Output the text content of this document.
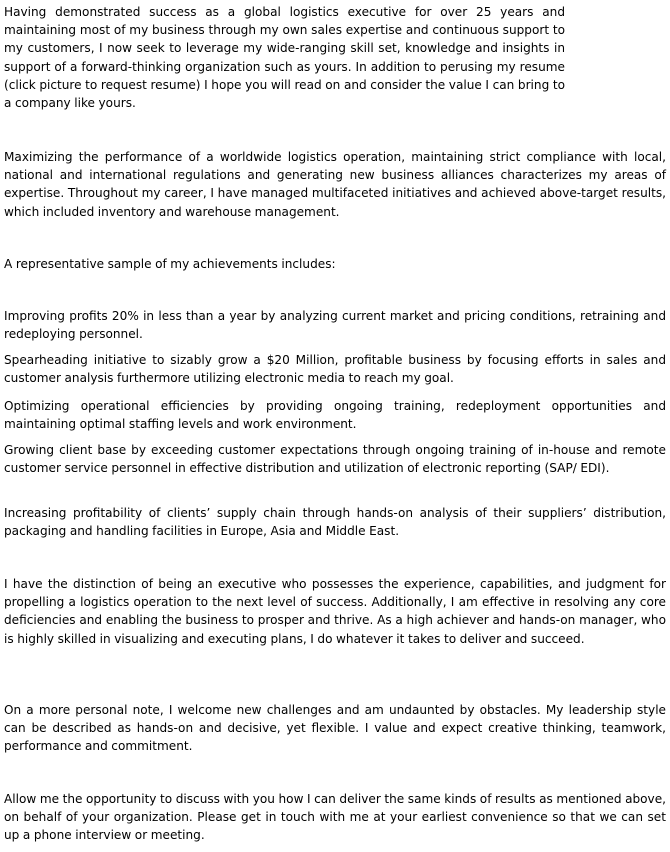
Having demonstrated success as a global logistics executive for over 25 years and maintaining most of my business through my own sales expertise and continuous support to my customers, I now seek to leverage my wide-ranging skill set, knowledge and insights in support of a forward-thinking organization such as yours. In addition to perusing my resume (click picture to request resume) I hope you will read on and consider the value I can bring to a company like yours.

Maximizing the performance of a worldwide logistics operation, maintaining strict compliance with local, national and international regulations and generating new business alliances characterizes my areas of expertise. Throughout my career, I have managed multifaceted initiatives and achieved above-target results, which included inventory and warehouse management.

A representative sample of my achievements includes:

Improving profits 20% in less than a year by analyzing current market and pricing conditions, retraining and redeploying personnel.

Spearheading initiative to sizably grow a $20 Million, profitable business by focusing efforts in sales and customer analysis furthermore utilizing electronic media to reach my goal.

Optimizing operational efficiencies by providing ongoing training, redeployment opportunities and maintaining optimal staffing levels and work environment.

Growing client base by exceeding customer expectations through ongoing training of in-house and remote customer service personnel in effective distribution and utilization of electronic reporting (SAP/ EDI).

Increasing profitability of clients’ supply chain through hands-on analysis of their suppliers’ distribution, packaging and handling facilities in Europe, Asia and Middle East.

I have the distinction of being an executive who possesses the experience, capabilities, and judgment for propelling a logistics operation to the next level of success. Additionally, I am effective in resolving any core deficiencies and enabling the business to prosper and thrive. As a high achiever and hands-on manager, who is highly skilled in visualizing and executing plans, I do whatever it takes to deliver and succeed.

On a more personal note, I welcome new challenges and am undaunted by obstacles. My leadership style can be described as hands-on and decisive, yet flexible. I value and expect creative thinking, teamwork, performance and commitment.

Allow me the opportunity to discuss with you how I can deliver the same kinds of results as mentioned above, on behalf of your organization. Please get in touch with me at your earliest convenience so that we can set up a phone interview or meeting.
